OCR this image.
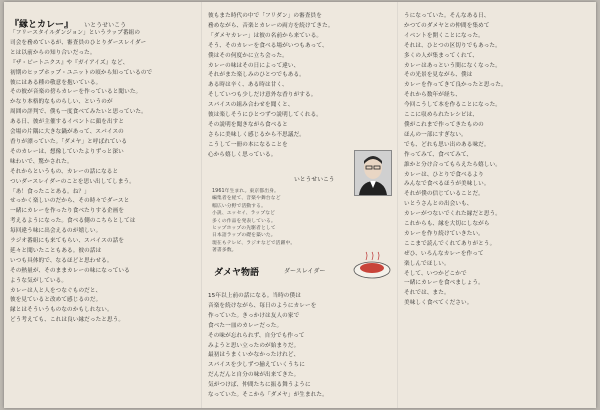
『縁とカレー』 いとうせいこう

「フリースタイルダンジョン」というラップ番組の

司会を務めているが、審査員のひとりダースレイダー

とは以前からの知り合いだった。

『ザ・ビートニクス』や『ガイアイズ』など、

初期のヒップホップ・ユニットの頃から知っているので

彼にはある種の敬意を抱いている。

その彼が音楽の傍らカレーを作っていると聞いた。

かなり本格的なものらしい、というのが

周囲の評判で、僕も一度食べてみたいと思っていた。

ある日、彼が主催するイベントに顔を出すと

会場の片隅に大きな鍋があって、スパイスの

香りが漂っていた。「ダメヤ」と呼ばれている

そのカレーは、想像していたよりずっと深い

味わいで、驚かされた。

それからというもの、カレーの話になると

ついダースレイダーのことを思い出してしまう。

「あ！食ったことある。ね？」

せっかく楽しいのだから、その時々でダースと

一緒にカレーを作ったり食べたりする企画を

考えるようになった。食べる側のこちらとしては

毎回違う味に出会えるのが嬉しい。

ラジオ番組にも来てもらい、スパイスの話を

延々と聞いたこともある。彼の話は

いつも具体的で、なるほどと思わせる。

その熱量が、そのままカレーの味になっている

ような気がしている。

カレーは人と人をつなぐものだと、

彼を見ていると改めて感じるのだ。

縁とはそういうものなのかもしれない。

どう考えても、これは良い縁だったと思う。

彼もまた時代の中で「フリダン」の審査員を

務めながら、音楽とカレーの両方を続けてきた。

「ダメヤカレー」は彼の名前から来ている。

そう、そのカレーを食べる場がいつもあって、

僕はその何度かに立ち会った。

カレーの味はその日によって違い、

それがまた楽しみのひとつでもある。

ある時は辛く、ある時は甘く、

そしていつも少しだけ意外な香りがする。

スパイスの組み合わせを聞くと、

彼は楽しそうにひとつずつ説明してくれる。

その説明を聞きながら食べると

さらに美味しく感じるから不思議だ。

こうして一冊の本になることを

心から嬉しく思っている。

いとうせいこう

1961年生まれ。東京都出身。

編集者を経て、音楽や舞台など

幅広い分野で活動する。

小説、エッセイ、ラップなど

多くの作品を発表している。

ヒップホップの先駆者として

日本語ラップの礎を築いた。

現在もテレビ、ラジオなどで活躍中。

著書多数。

ダメヤ物語	ダースレイダー

15年以上前の話になる。当時の僕は

音楽を続けながら、毎日のようにカレーを

作っていた。きっかけは友人の家で

食べた一皿のカレーだった。

その味が忘れられず、自分でも作って

みようと思い立ったのが始まりだ。

最初はうまくいかなかったけれど、

スパイスを少しずつ揃えていくうちに

だんだんと自分の味が出来てきた。

気がつけば、仲間たちに振る舞うように

なっていた。そこから「ダメヤ」が生まれた。

うになっていた。そんなある日、

かつてのダメヤとの仲間を集めて

イベントを開くことになった。

それは、ひとつの区切りでもあった。

多くの人が集まってくれて、

カレーはあっという間になくなった。

その光景を見ながら、僕は

カレーを作ってきて良かったと思った。

それから数年が経ち、

今回こうして本を作ることになった。

ここに収められたレシピは、

僕がこれまで作ってきたものの

ほんの一部にすぎない。

でも、どれも思い出のある味だ。

作ってみて、食べてみて、

誰かと分け合ってもらえたら嬉しい。

カレーは、ひとりで食べるより

みんなで食べるほうが美味しい。

それが僕の信じていることだ。

いとうさんとの出会いも、

カレーがつないでくれた縁だと思う。

これからも、縁を大切にしながら

カレーを作り続けていきたい。

ここまで読んでくれてありがとう。

ぜひ、いろんなカレーを作って

楽しんでほしい。

そして、いつかどこかで

一緒にカレーを食べましょう。

それでは、また。

美味しく食べてください。
